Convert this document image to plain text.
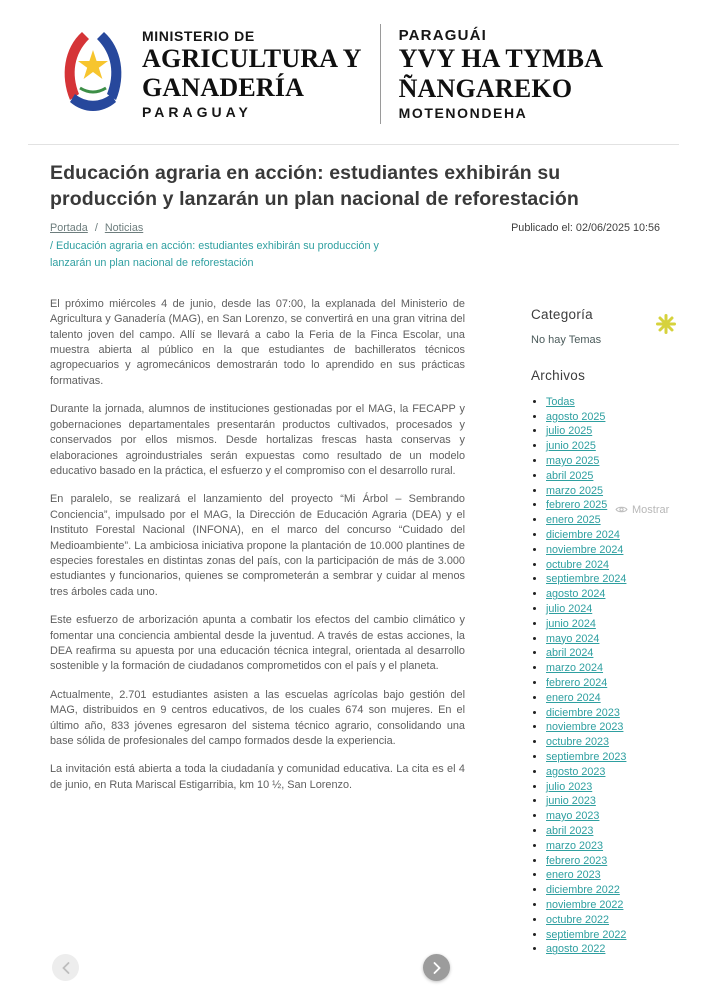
MINISTERIO DE
AGRICULTURA Y
GANADERÍA
PARAGUAY
PARAGUÁI
YVY HA TYMBA
ÑANGAREKO
MOTENONDEHA
Educación agraria en acción: estudiantes exhibirán su producción y lanzarán un plan nacional de reforestación
Portada / Noticias	Publicado el: 02/06/2025 10:56
/ Educación agraria en acción: estudiantes exhibirán su producción y lanzarán un plan nacional de reforestación

El próximo miércoles 4 de junio, desde las 07:00, la explanada del Ministerio de Agricultura y Ganadería (MAG), en San Lorenzo, se convertirá en una gran vitrina del talento joven del campo. Allí se llevará a cabo la Feria de la Finca Escolar, una muestra abierta al público en la que estudiantes de bachilleratos técnicos agropecuarios y agromecánicos demostrarán todo lo aprendido en sus prácticas formativas.

Durante la jornada, alumnos de instituciones gestionadas por el MAG, la FECAPP y gobernaciones departamentales presentarán productos cultivados, procesados y conservados por ellos mismos. Desde hortalizas frescas hasta conservas y elaboraciones agroindustriales serán expuestas como resultado de un modelo educativo basado en la práctica, el esfuerzo y el compromiso con el desarrollo rural.

En paralelo, se realizará el lanzamiento del proyecto “Mi Árbol – Sembrando Conciencia”, impulsado por el MAG, la Dirección de Educación Agraria (DEA) y el Instituto Forestal Nacional (INFONA), en el marco del concurso “Cuidado del Medioambiente”. La ambiciosa iniciativa propone la plantación de 10.000 plantines de especies forestales en distintas zonas del país, con la participación de más de 3.000 estudiantes y funcionarios, quienes se comprometerán a sembrar y cuidar al menos tres árboles cada uno.

Este esfuerzo de arborización apunta a combatir los efectos del cambio climático y fomentar una conciencia ambiental desde la juventud. A través de estas acciones, la DEA reafirma su apuesta por una educación técnica integral, orientada al desarrollo sostenible y la formación de ciudadanos comprometidos con el país y el planeta.

Actualmente, 2.701 estudiantes asisten a las escuelas agrícolas bajo gestión del MAG, distribuidos en 9 centros educativos, de los cuales 674 son mujeres. En el último año, 833 jóvenes egresaron del sistema técnico agrario, consolidando una base sólida de profesionales del campo formados desde la experiencia.

La invitación está abierta a toda la ciudadanía y comunidad educativa. La cita es el 4 de junio, en Ruta Mariscal Estigarribia, km 10 ½, San Lorenzo.

Categoría
No hay Temas
Archivos
• Todas
• agosto 2025
• julio 2025
• junio 2025
• mayo 2025
• abril 2025
• marzo 2025
• febrero 2025
• enero 2025
• diciembre 2024
• noviembre 2024
• octubre 2024
• septiembre 2024
• agosto 2024
• julio 2024
• junio 2024
• mayo 2024
• abril 2024
• marzo 2024
• febrero 2024
• enero 2024
• diciembre 2023
• noviembre 2023
• octubre 2023
• septiembre 2023
• agosto 2023
• julio 2023
• junio 2023
• mayo 2023
• abril 2023
• marzo 2023
• febrero 2023
• enero 2023
• diciembre 2022
• noviembre 2022
• octubre 2022
• septiembre 2022
• agosto 2022
Mostrar
